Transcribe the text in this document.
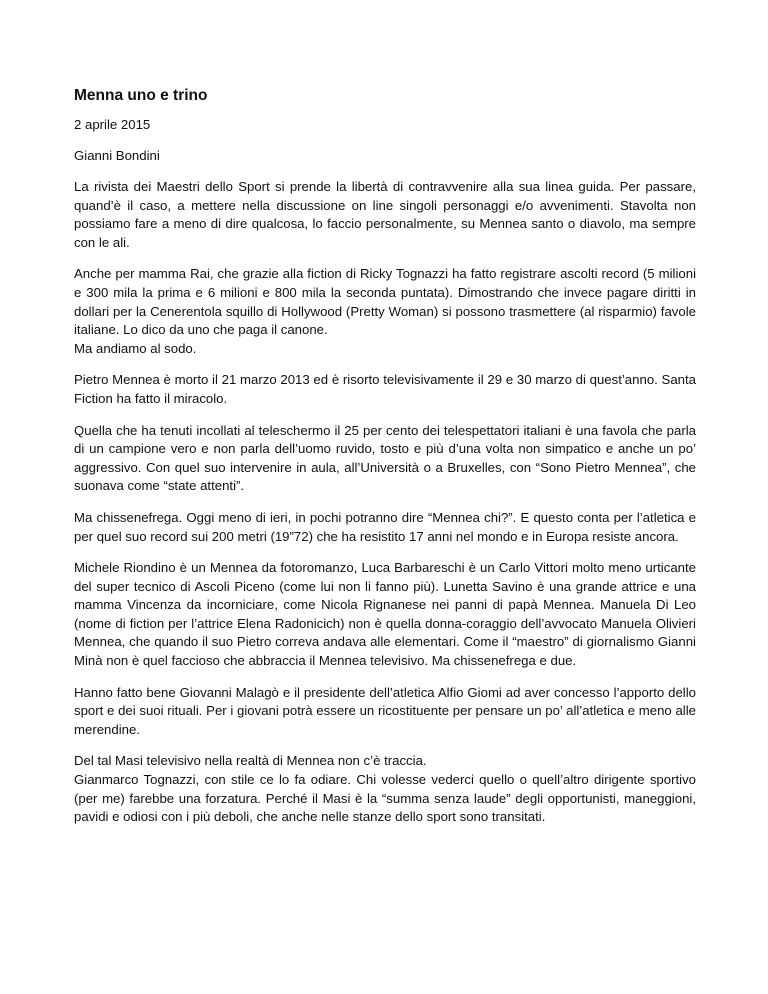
Menna uno e trino

2 aprile 2015

Gianni Bondini

La rivista dei Maestri dello Sport si prende la libertà di contravvenire alla sua linea guida. Per passare, quand’è il caso, a mettere nella discussione on line singoli personaggi e/o avvenimenti. Stavolta non possiamo fare a meno di dire qualcosa, lo faccio personalmente, su Mennea santo o diavolo, ma sempre con le ali.

Anche per mamma Rai, che grazie alla fiction di Ricky Tognazzi ha fatto registrare ascolti record (5 milioni e 300 mila la prima e 6 milioni e 800 mila la seconda puntata). Dimostrando che invece pagare diritti in dollari per la Cenerentola squillo di Hollywood (Pretty Woman) si possono trasmettere (al risparmio) favole italiane. Lo dico da uno che paga il canone.
Ma andiamo al sodo.

Pietro Mennea è morto il 21 marzo 2013 ed è risorto televisivamente il 29 e 30 marzo di quest’anno. Santa Fiction ha fatto il miracolo.

Quella che ha tenuti incollati al teleschermo il 25 per cento dei telespettatori italiani è una favola che parla di un campione vero e non parla dell’uomo ruvido, tosto e più d’una volta non simpatico e anche un po’ aggressivo. Con quel suo intervenire in aula, all’Università o a Bruxelles, con “Sono Pietro Mennea”, che suonava come “state attenti”.

Ma chissenefrega. Oggi meno di ieri, in pochi potranno dire “Mennea chi?”. E questo conta per l’atletica e per quel suo record sui 200 metri (19”72) che ha resistito 17 anni nel mondo e in Europa resiste ancora.

Michele Riondino è un Mennea da fotoromanzo, Luca Barbareschi è un Carlo Vittori molto meno urticante del super tecnico di Ascoli Piceno (come lui non li fanno più). Lunetta Savino è una grande attrice e una mamma Vincenza da incorniciare, come Nicola Rignanese nei panni di papà Mennea. Manuela Di Leo (nome di fiction per l’attrice Elena Radonicich) non è quella donna-coraggio dell’avvocato Manuela Olivieri Mennea, che quando il suo Pietro correva andava alle elementari. Come il “maestro” di giornalismo Gianni Minà non è quel faccioso che abbraccia il Mennea televisivo. Ma chissenefrega e due.

Hanno fatto bene Giovanni Malagò e il presidente dell’atletica Alfio Giomi ad aver concesso l’apporto dello sport e dei suoi rituali. Per i giovani potrà essere un ricostituente per pensare un po’ all’atletica e meno alle merendine.

Del tal Masi televisivo nella realtà di Mennea non c’è traccia.
Gianmarco Tognazzi, con stile ce lo fa odiare. Chi volesse vederci quello o quell’altro dirigente sportivo (per me) farebbe una forzatura. Perché il Masi è la “summa senza laude” degli opportunisti, maneggioni, pavidi e odiosi con i più deboli, che anche nelle stanze dello sport sono transitati.
